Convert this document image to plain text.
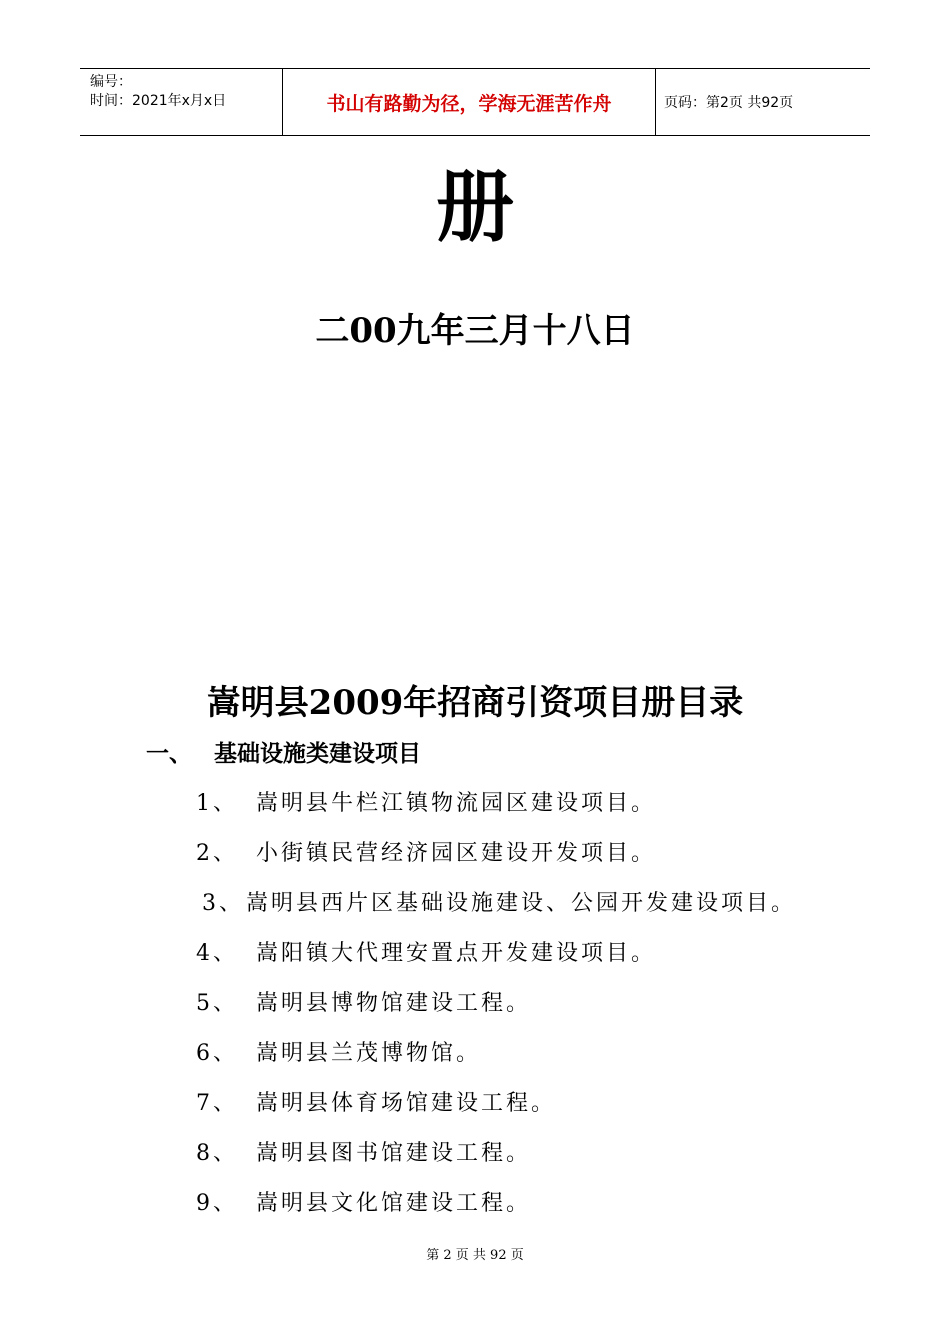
编号：
时间：2021年x月x日	书山有路勤为径，学海无涯苦作舟	页码：第2页 共92页
册
二00九年三月十八日
嵩明县2009年招商引资项目册目录
一、 基础设施类建设项目
1、 嵩明县牛栏江镇物流园区建设项目。
2、 小街镇民营经济园区建设开发项目。
3、 嵩明县西片区基础设施建设、公园开发建设项目。
4、 嵩阳镇大代理安置点开发建设项目。
5、 嵩明县博物馆建设工程。
6、 嵩明县兰茂博物馆。
7、 嵩明县体育场馆建设工程。
8、 嵩明县图书馆建设工程。
9、 嵩明县文化馆建设工程。
第 2 页 共 92 页
